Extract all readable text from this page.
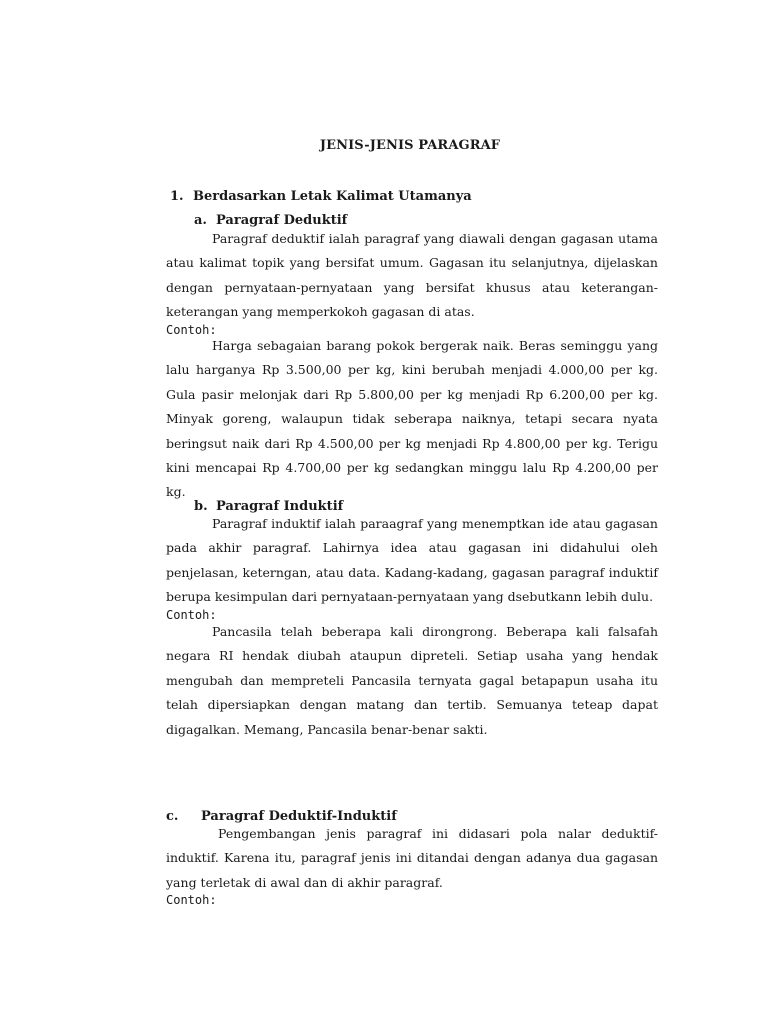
JENIS-JENIS PARAGRAF
1. Berdasarkan Letak Kalimat Utamanya
a. Paragraf Deduktif

Paragraf deduktif ialah paragraf yang diawali dengan gagasan utama atau kalimat topik yang bersifat umum. Gagasan itu selanjutnya, dijelaskan dengan pernyataan-pernyataan yang bersifat khusus atau keterangan-keterangan yang memperkokoh gagasan di atas.

Contoh:

Harga sebagaian barang pokok bergerak naik. Beras seminggu yang lalu harganya Rp 3.500,00 per kg, kini berubah menjadi 4.000,00 per kg. Gula pasir melonjak dari Rp 5.800,00 per kg menjadi Rp 6.200,00 per kg. Minyak goreng, walaupun tidak seberapa naiknya, tetapi secara nyata beringsut naik dari Rp 4.500,00 per kg menjadi Rp 4.800,00 per kg. Terigu kini mencapai Rp 4.700,00 per kg sedangkan minggu lalu Rp 4.200,00 per kg.

b. Paragraf Induktif

Paragraf induktif ialah paraagraf yang menemptkan ide atau gagasan pada akhir paragraf. Lahirnya idea atau gagasan ini didahului oleh penjelasan, keterngan, atau data. Kadang-kadang, gagasan paragraf induktif berupa kesimpulan dari pernyataan-pernyataan yang dsebutkann lebih dulu.

Contoh:

Pancasila telah beberapa kali dirongrong. Beberapa kali falsafah negara RI hendak diubah ataupun dipreteli. Setiap usaha yang hendak mengubah dan mempreteli Pancasila ternyata gagal betapapun usaha itu telah dipersiapkan dengan matang dan tertib. Semuanya teteap dapat digagalkan. Memang, Pancasila benar-benar sakti.

c. Paragraf Deduktif-Induktif

Pengembangan jenis paragraf ini didasari pola nalar deduktif-induktif. Karena itu, paragraf jenis ini ditandai dengan adanya dua gagasan yang terletak di awal dan di akhir paragraf.

Contoh:
